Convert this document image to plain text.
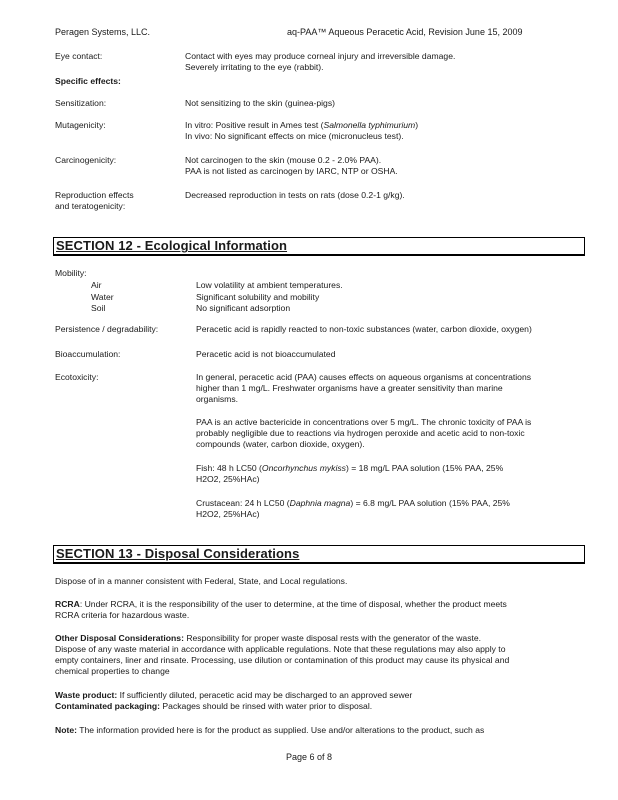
Peragen Systems, LLC.	aq-PAA™ Aqueous Peracetic Acid, Revision June 15, 2009
Eye contact:	Contact with eyes may produce corneal injury and irreversible damage.
Severely irritating to the eye (rabbit).
Specific effects:
Sensitization:	Not sensitizing to the skin (guinea-pigs)
Mutagenicity:	In vitro: Positive result in Ames test (Salmonella typhimurium)
In vivo: No significant effects on mice (micronucleus test).
Carcinogenicity:	Not carcinogen to the skin (mouse 0.2 - 2.0% PAA).
PAA is not listed as carcinogen by IARC, NTP or OSHA.
Reproduction effects
and teratogenicity:
Decreased reproduction in tests on rats (dose 0.2-1 g/kg).
SECTION 12 - Ecological Information
Mobility:
Air	Low volatility at ambient temperatures.
Water	Significant solubility and mobility
Soil	No significant adsorption
Persistence / degradability:	Peracetic acid is rapidly reacted to non-toxic substances (water, carbon dioxide, oxygen)
Bioaccumulation:	Peracetic acid is not bioaccumulated
Ecotoxicity:	In general, peracetic acid (PAA) causes effects on aqueous organisms at concentrations
higher than 1 mg/L. Freshwater organisms have a greater sensitivity than marine
organisms.
PAA is an active bactericide in concentrations over 5 mg/L. The chronic toxicity of PAA is
probably negligible due to reactions via hydrogen peroxide and acetic acid to non-toxic
compounds (water, carbon dioxide, oxygen).
Fish: 48 h LC50 (Oncorhynchus mykiss) = 18 mg/L PAA solution (15% PAA, 25%
H2O2, 25%HAc)
Crustacean: 24 h LC50 (Daphnia magna) = 6.8 mg/L PAA solution (15% PAA, 25%
H2O2, 25%HAc)
SECTION 13 - Disposal Considerations
Dispose of in a manner consistent with Federal, State, and Local regulations.
RCRA: Under RCRA, it is the responsibility of the user to determine, at the time of disposal, whether the product meets
RCRA criteria for hazardous waste.
Other Disposal Considerations: Responsibility for proper waste disposal rests with the generator of the waste.
Dispose of any waste material in accordance with applicable regulations. Note that these regulations may also apply to
empty containers, liner and rinsate. Processing, use dilution or contamination of this product may cause its physical and
chemical properties to change
Waste product: If sufficiently diluted, peracetic acid may be discharged to an approved sewer
Contaminated packaging: Packages should be rinsed with water prior to disposal.
Note: The information provided here is for the product as supplied. Use and/or alterations to the product, such as
Page 6 of 8
